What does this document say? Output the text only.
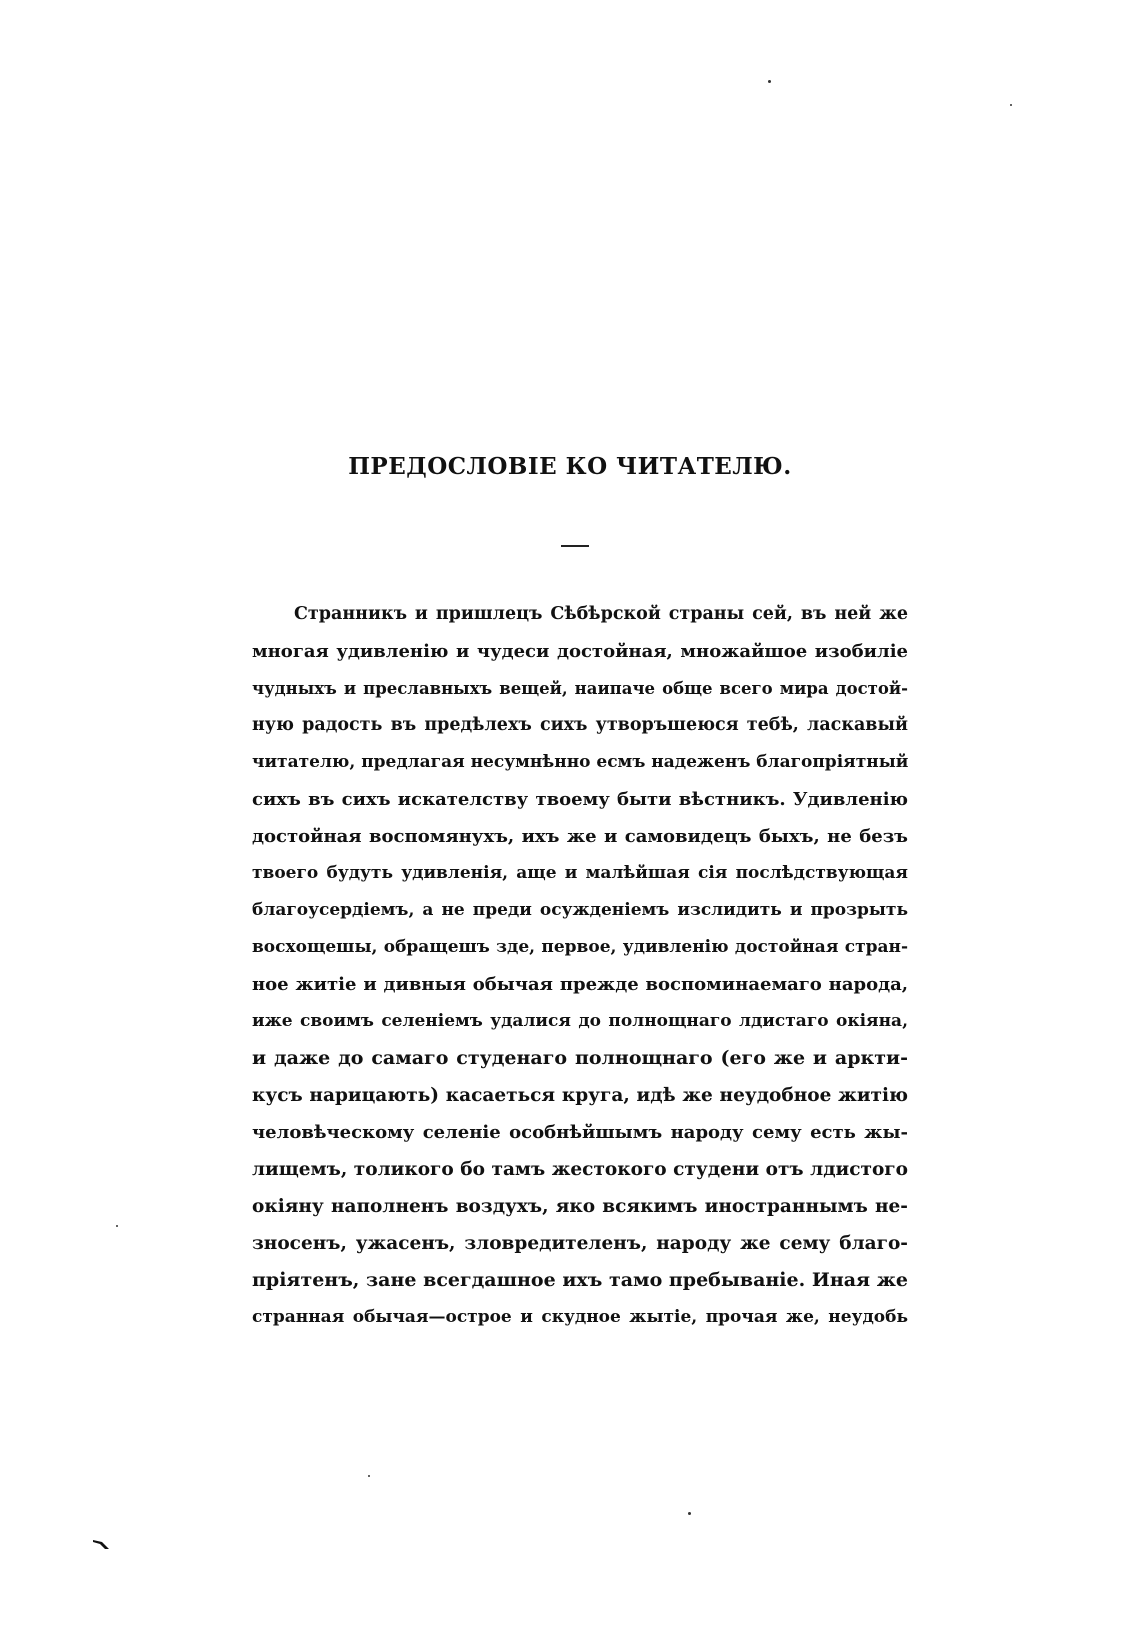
ПРЕДОСЛОВІЕ КО ЧИТАТЕЛЮ.
Странникъ и пришлецъ Сѣбѣрской страны сей, въ ней же
многая удивленію и чудеси достойная, множайшое изобиліе
чудныхъ и преславныхъ вещей, наипаче обще всего мира достой-
ную радость въ предѣлехъ сихъ утворъшеюся тебѣ, ласкавый
читателю, предлагая несумнѣнно есмъ надеженъ благопріятный
сихъ въ сихъ искателству твоему быти вѣстникъ. Удивленію
достойная воспомянухъ, ихъ же и самовидецъ быхъ, не безъ
твоего будуть удивленія, аще и малѣйшая сія послѣдствующая
благоусердіемъ, а не преди осужденіемъ изслидить и прозрыть
восхощешы, обращешъ зде, первое, удивленію достойная стран-
ное житіе и дивныя обычая прежде воспоминаемаго народа,
иже своимъ селеніемъ удалися до полнощнаго лдистаго окіяна,
и даже до самаго студенаго полнощнаго (его же и аркти-
кусъ нарицають) касаеться круга, идѣ же неудобное житію
человѣческому селеніе особнѣйшымъ народу сему есть жы-
лищемъ, толикого бо тамъ жестокого студени отъ лдистого
окіяну наполненъ воздухъ, яко всякимъ иностраннымъ не-
зносенъ, ужасенъ, зловредителенъ, народу же сему благо-
пріятенъ, зане всегдашное ихъ тамо пребываніе. Иная же
странная обычая—острое и скудное жытіе, прочая же, неудобь
